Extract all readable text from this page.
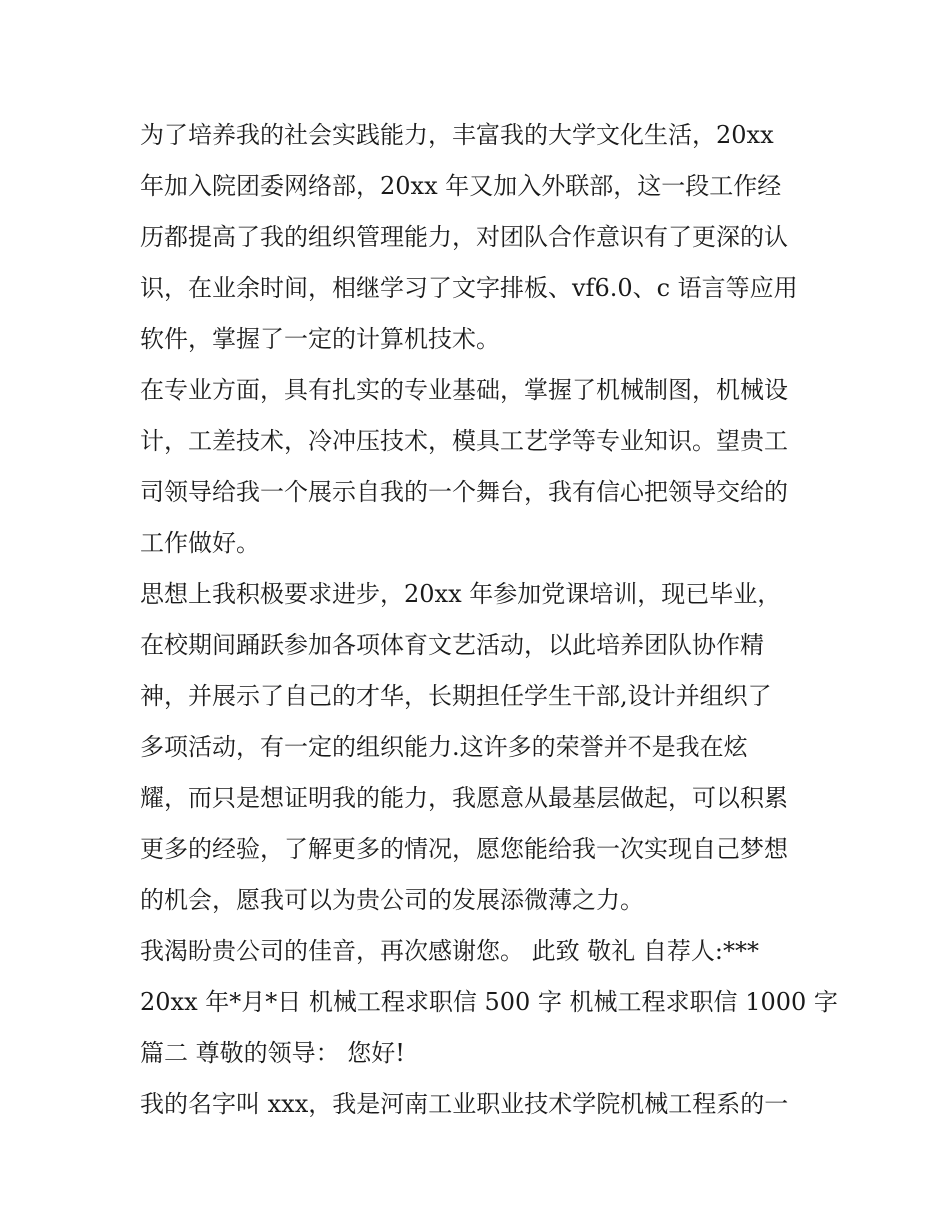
为了培养我的社会实践能力，丰富我的大学文化生活，20xx
年加入院团委网络部，20xx 年又加入外联部，这一段工作经
历都提高了我的组织管理能力，对团队合作意识有了更深的认
识，在业余时间，相继学习了文字排板、vf6.0、c 语言等应用
软件，掌握了一定的计算机技术。
在专业方面，具有扎实的专业基础，掌握了机械制图，机械设
计，工差技术，冷冲压技术，模具工艺学等专业知识。望贵工
司领导给我一个展示自我的一个舞台，我有信心把领导交给的
工作做好。
思想上我积极要求进步，20xx 年参加党课培训，现已毕业，
在校期间踊跃参加各项体育文艺活动，以此培养团队协作精
神，并展示了自己的才华，长期担任学生干部,设计并组织了
多项活动，有一定的组织能力.这许多的荣誉并不是我在炫
耀，而只是想证明我的能力，我愿意从最基层做起，可以积累
更多的经验，了解更多的情况，愿您能给我一次实现自己梦想
的机会，愿我可以为贵公司的发展添微薄之力。
我渴盼贵公司的佳音，再次感谢您。 此致 敬礼 自荐人:***
20xx 年*月*日 机械工程求职信 500 字 机械工程求职信 1000 字
篇二 尊敬的领导： 您好!
我的名字叫 xxx，我是河南工业职业技术学院机械工程系的一
